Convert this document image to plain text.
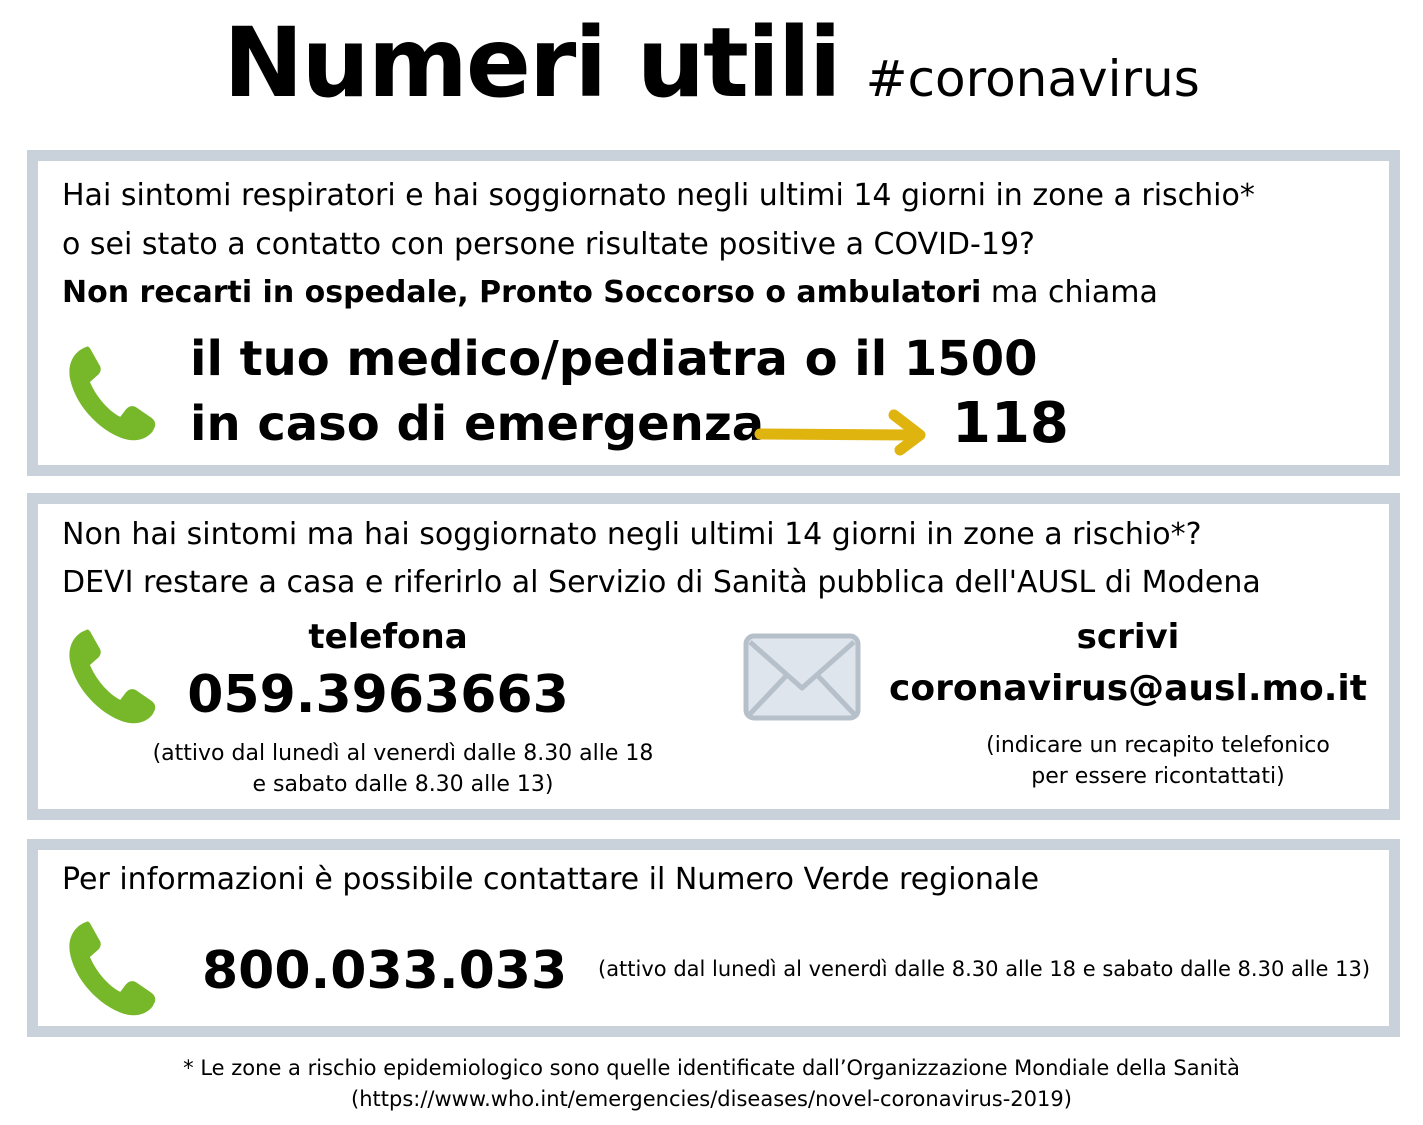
Numeri utili #coronavirus
Hai sintomi respiratori e hai soggiornato negli ultimi 14 giorni in zone a rischio*
o sei stato a contatto con persone risultate positive a COVID-19?
Non recarti in ospedale, Pronto Soccorso o ambulatori ma chiama
il tuo medico/pediatra o il 1500
in caso di emergenza	118
Non hai sintomi ma hai soggiornato negli ultimi 14 giorni in zone a rischio*?
DEVI restare a casa e riferirlo al Servizio di Sanità pubblica dell'AUSL di Modena
telefona
059.3963663
(attivo dal lunedì al venerdì dalle 8.30 alle 18
e sabato dalle 8.30 alle 13)
scrivi
coronavirus@ausl.mo.it
(indicare un recapito telefonico
per essere ricontattati)
Per informazioni è possibile contattare il Numero Verde regionale
800.033.033 (attivo dal lunedì al venerdì dalle 8.30 alle 18 e sabato dalle 8.30 alle 13)
* Le zone a rischio epidemiologico sono quelle identificate dall’Organizzazione Mondiale della Sanità
(https://www.who.int/emergencies/diseases/novel-coronavirus-2019)
